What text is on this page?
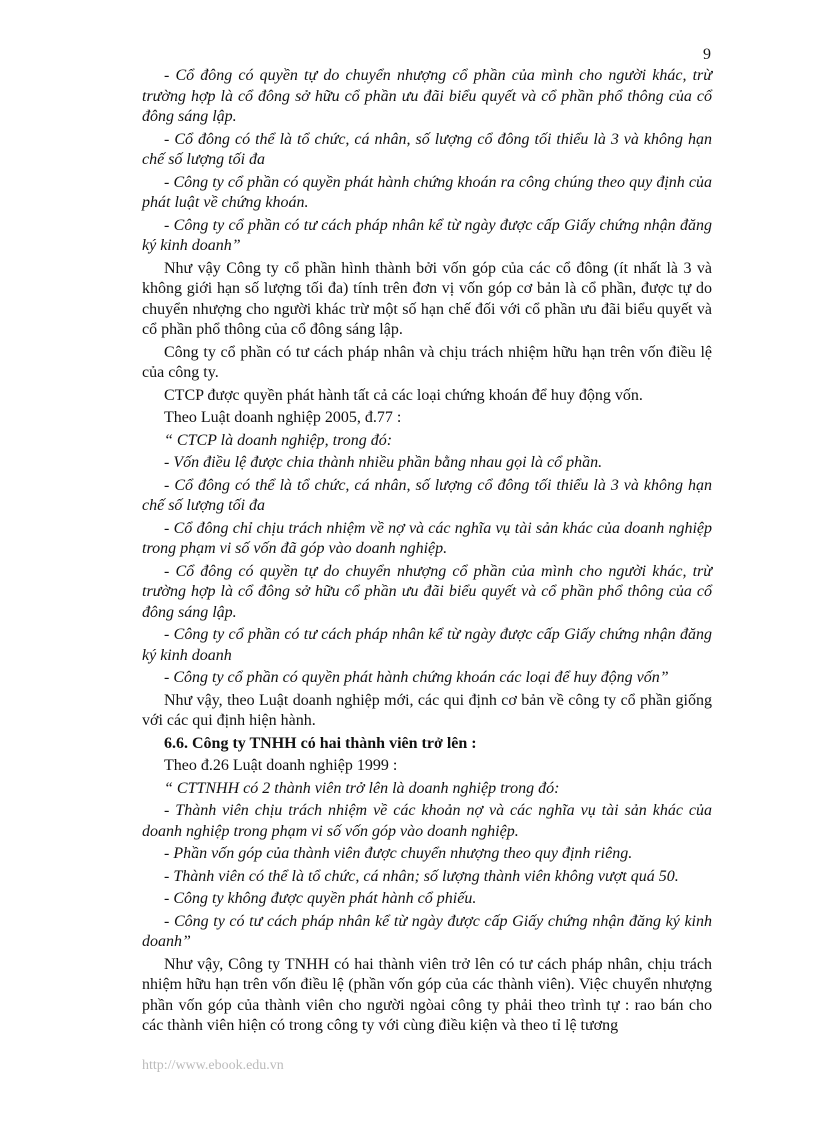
9

- Cổ đông có quyền tự do chuyển nhượng cổ phần của mình cho người khác, trừ trường hợp là cổ đông sở hữu cổ phần ưu đãi biểu quyết và cổ phần phổ thông của cổ đông sáng lập.

- Cổ đông có thể là tổ chức, cá nhân, số lượng cổ đông tối thiểu là 3 và không hạn chế số lượng tối đa

- Công ty cổ phần có quyền phát hành chứng khoán ra công chúng theo quy định của phát luật về chứng khoán.

- Công ty cổ phần có tư cách pháp nhân kể từ ngày được cấp Giấy chứng nhận đăng ký kinh doanh”

Như vậy Công ty cổ phần hình thành bởi vốn góp của các cổ đông (ít nhất là 3 và không giới hạn số lượng tối đa) tính trên đơn vị vốn góp cơ bản là cổ phần, được tự do chuyển nhượng cho người khác trừ một số hạn chế đối với cổ phần ưu đãi biểu quyết và cổ phần phổ thông của cổ đông sáng lập.

Công ty cổ phần có tư cách pháp nhân và chịu trách nhiệm hữu hạn trên vốn điều lệ của công ty.

CTCP được quyền phát hành tất cả các loại chứng khoán để huy động vốn.

Theo Luật doanh nghiệp 2005, đ.77 :

“ CTCP là doanh nghiệp, trong đó:

- Vốn điều lệ được chia thành nhiều phần bằng nhau gọi là cổ phần.

- Cổ đông có thể là tổ chức, cá nhân, số lượng cổ đông tối thiểu là 3 và không hạn chế số lượng tối đa

- Cổ đông chỉ chịu trách nhiệm về nợ và các nghĩa vụ tài sản khác của doanh nghiệp trong phạm vi số vốn đã góp vào doanh nghiệp.

- Cổ đông có quyền tự do chuyển nhượng cổ phần của mình cho người khác, trừ trường hợp là cổ đông sở hữu cổ phần ưu đãi biểu quyết và cổ phần phổ thông của cổ đông sáng lập.

- Công ty cổ phần có tư cách pháp nhân kể từ ngày được cấp Giấy chứng nhận đăng ký kinh doanh

- Công ty cổ phần có quyền phát hành chứng khoán các loại để huy động vốn”

Như vậy, theo Luật doanh nghiệp mới, các qui định cơ bản về công ty cổ phần giống với các qui định hiện hành.

6.6. Công ty TNHH có hai thành viên trở lên :

Theo đ.26 Luật doanh nghiệp 1999 :

“ CTTNHH có 2 thành viên trở lên là doanh nghiệp trong đó:

- Thành viên chịu trách nhiệm về các khoản nợ và các nghĩa vụ tài sản khác của doanh nghiệp trong phạm vi số vốn góp vào doanh nghiệp.

- Phần vốn góp của thành viên được chuyển nhượng theo quy định riêng.

- Thành viên có thể là tổ chức, cá nhân; số lượng thành viên không vượt quá 50.

- Công ty không được quyền phát hành cổ phiếu.

- Công ty có tư cách pháp nhân kể từ ngày được cấp Giấy chứng nhận đăng ký kinh doanh”

Như vậy, Công ty TNHH có hai thành viên trở lên có tư cách pháp nhân, chịu trách nhiệm hữu hạn trên vốn điều lệ (phần vốn góp của các thành viên). Việc chuyển nhượng phần vốn góp của thành viên cho người ngòai công ty phải theo trình tự : rao bán cho các thành viên hiện có trong công ty với cùng điều kiện và theo tỉ lệ tương

http://www.ebook.edu.vn
